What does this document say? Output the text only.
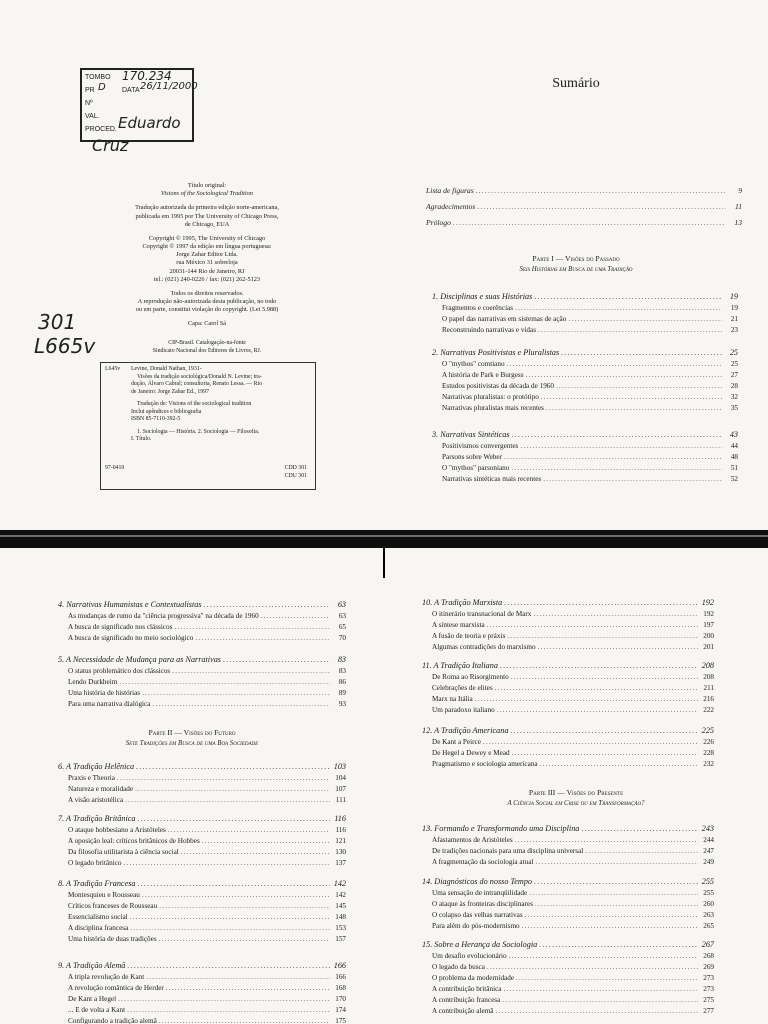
TOMBO 170.234
PR D DATA 26/11/2000
Nº
VAL.
PROCED. Eduardo
Cruz
301
L665v
Título original:
Visions of the Sociological Tradition
Tradução autorizada da primeira edição norte-americana,
publicada em 1995 por The University of Chicago Press,
de Chicago, EUA
Copyright © 1995, The University of Chicago
Copyright © 1997 da edição em língua portuguesa:
Jorge Zahar Editor Ltda.
rua México 31 sobreloja
20031-144 Rio de Janeiro, RJ
tel.: (021) 240-0226 / fax: (021) 262-5123
Todos os direitos reservados.
A reprodução não-autorizada desta publicação, no todo
ou em parte, constitui violação do copyright. (Lei 5.988)
Capa: Carol Sá
CIP-Brasil. Catalogação-na-fonte
Sindicato Nacional dos Editores de Livros, RJ.
L645v Levine, Donald Nathan, 1931-
Visões da tradição sociológica/Donald N. Levine; tra-
dução, Álvaro Cabral; consultoria, Renato Lessa. — Rio
de Janeiro: Jorge Zahar Ed., 1997
Tradução de: Visions of the sociological tradition
Inclui apêndices e bibliografia
ISBN 85-7110-392-5
1. Sociologia — História. 2. Sociologia — Filosofia.
I. Título.
97-0410	CDD 301
CDU 301
Sumário
Lista de figuras .....	9
Agradecimentos .....	11
Prólogo .....	13
Parte I — Visões do Passado
Seis Histórias em Busca de uma Tradição
1. Disciplinas e suas Histórias .....	19
Fragmentos e coerências .....	19
O papel das narrativas em sistemas de ação .....	21
Reconstruindo narrativas e vidas .....	23
2. Narrativas Positivistas e Pluralistas .....	25
O "mythos" comtiano .....	25
A história de Park e Burgess .....	27
Estudos positivistas da década de 1960 .....	28
Narrativas pluralistas: o protótipo .....	32
Narrativas pluralistas mais recentes .....	35
3. Narrativas Sintéticas .....	43
Positivismos convergentes .....	44
Parsons sobre Weber .....	48
O "mythos" parsoniano .....	51
Narrativas sintéticas mais recentes .....	52
4. Narrativas Humanistas e Contextualistas .....	63
As mudanças de rumo da "ciência progressiva" na década de 1960 .....	63
A busca de significado nos clássicos .....	65
A busca de significado no meio sociológico .....	70
5. A Necessidade de Mudança para as Narrativas .....	83
O status problemático dos clássicos .....	83
Lendo Durkheim .....	86
Uma história de histórias .....	89
Para uma narrativa dialógica .....	93
Parte II — Visões do Futuro
Sete Tradições em Busca de uma Boa Sociedade
6. A Tradição Helênica .....	103
Praxis e Theoria .....	104
Natureza e moralidade .....	107
A visão aristotélica .....	111
7. A Tradição Britânica .....	116
O ataque hobbesiano a Aristóteles .....	116
A oposição leal: críticos britânicos de Hobbes .....	121
Da filosofia utilitarista à ciência social .....	130
O legado britânico .....	137
8. A Tradição Francesa .....	142
Montesquieu e Rousseau .....	142
Críticos franceses de Rousseau .....	145
Essencialismo social .....	148
A disciplina francesa .....	153
Uma história de duas tradições .....	157
9. A Tradição Alemã .....	166
A tripla revolução de Kant .....	166
A revolução romântica de Herder .....	168
De Kant a Hegel .....	170
... E de volta a Kant .....	174
Configurando a tradição alemã .....	175
10. A Tradição Marxista .....	192
O itinerário transnacional de Marx .....	192
A síntese marxista .....	197
A fusão de teoria e práxis .....	200
Algumas contradições do marxismo .....	201
11. A Tradição Italiana .....	208
De Roma ao Risorgimento .....	208
Celebrações de elites .....	211
Marx na Itália .....	216
Um paradoxo italiano .....	222
12. A Tradição Americana .....	225
De Kant a Peirce .....	226
De Hegel a Dewey e Mead .....	228
Pragmatismo e sociologia americana .....	232
Parte III — Visões do Presente
A Ciência Social em Crise ou em Transformação?
13. Formando e Transformando uma Disciplina .....	243
Afastamentos de Aristóteles .....	244
De tradições nacionais para uma disciplina universal .....	247
A fragmentação da sociologia atual .....	249
14. Diagnósticos do nosso Tempo .....	255
Uma sensação de intranqüilidade .....	255
O ataque às fronteiras disciplinares .....	260
O colapso das velhas narrativas .....	263
Para além do pós-modernismo .....	265
15. Sobre a Herança da Sociologia .....	267
Um desafio evolucionário .....	268
O legado da busca .....	269
O problema da modernidade .....	273
A contribuição britânica .....	273
A contribuição francesa .....	275
A contribuição alemã .....	277
